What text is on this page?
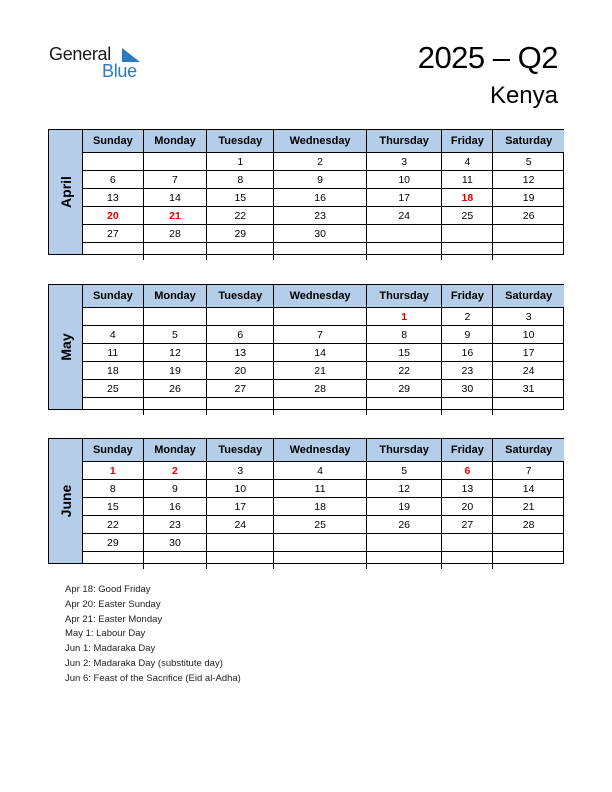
General
Blue	2025 – Q2
Kenya
April
Sunday	Monday	Tuesday	Wednesday	Thursday	Friday	Saturday
		1	2	3	4	5
6	7	8	9	10	11	12
13	14	15	16	17	18	19
20	21	22	23	24	25	26
27	28	29	30			

May
Sunday	Monday	Tuesday	Wednesday	Thursday	Friday	Saturday
				1	2	3
4	5	6	7	8	9	10
11	12	13	14	15	16	17
18	19	20	21	22	23	24
25	26	27	28	29	30	31

June
Sunday	Monday	Tuesday	Wednesday	Thursday	Friday	Saturday
1	2	3	4	5	6	7
8	9	10	11	12	13	14
15	16	17	18	19	20	21
22	23	24	25	26	27	28
29	30					

Apr 18: Good Friday
Apr 20: Easter Sunday
Apr 21: Easter Monday
May 1: Labour Day
Jun 1: Madaraka Day
Jun 2: Madaraka Day (substitute day)
Jun 6: Feast of the Sacrifice (Eid al-Adha)
